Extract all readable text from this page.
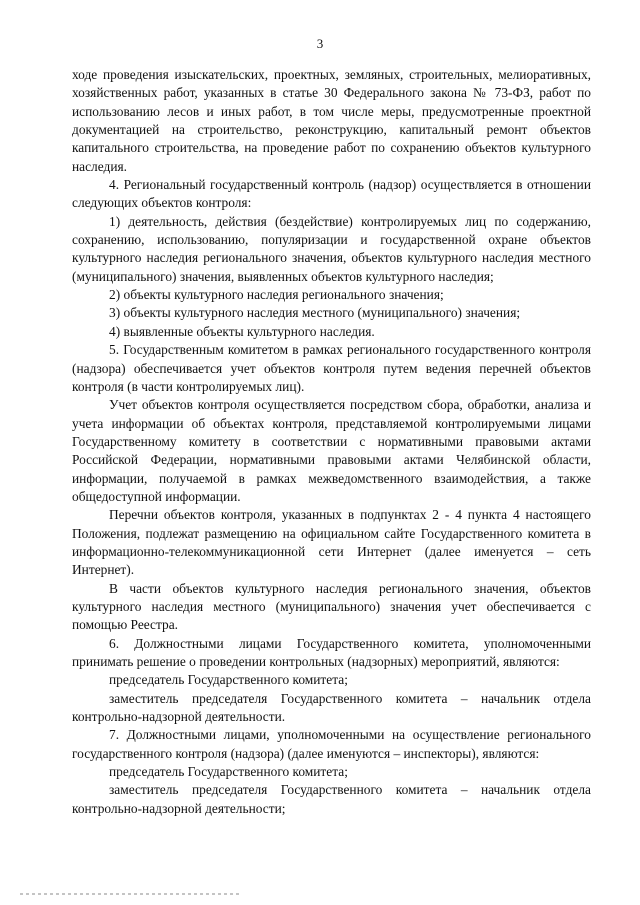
3

ходе проведения изыскательских, проектных, земляных, строительных, мелиоративных, хозяйственных работ, указанных в статье 30 Федерального закона № 73-ФЗ, работ по использованию лесов и иных работ, в том числе меры, предусмотренные проектной документацией на строительство, реконструкцию, капитальный ремонт объектов капитального строительства, на проведение работ по сохранению объектов культурного наследия.

4. Региональный государственный контроль (надзор) осуществляется в отношении следующих объектов контроля:

1) деятельность, действия (бездействие) контролируемых лиц по содержанию, сохранению, использованию, популяризации и государственной охране объектов культурного наследия регионального значения, объектов культурного наследия местного (муниципального) значения, выявленных объектов культурного наследия;

2) объекты культурного наследия регионального значения;

3) объекты культурного наследия местного (муниципального) значения;

4) выявленные объекты культурного наследия.

5. Государственным комитетом в рамках регионального государственного контроля (надзора) обеспечивается учет объектов контроля путем ведения перечней объектов контроля (в части контролируемых лиц).

Учет объектов контроля осуществляется посредством сбора, обработки, анализа и учета информации об объектах контроля, представляемой контролируемыми лицами Государственному комитету в соответствии с нормативными правовыми актами Российской Федерации, нормативными правовыми актами Челябинской области, информации, получаемой в рамках межведомственного взаимодействия, а также общедоступной информации.

Перечни объектов контроля, указанных в подпунктах 2 - 4 пункта 4 настоящего Положения, подлежат размещению на официальном сайте Государственного комитета в информационно-телекоммуникационной сети Интернет (далее именуется – сеть Интернет).

В части объектов культурного наследия регионального значения, объектов культурного наследия местного (муниципального) значения учет обеспечивается с помощью Реестра.

6. Должностными лицами Государственного комитета, уполномоченными принимать решение о проведении контрольных (надзорных) мероприятий, являются:

председатель Государственного комитета;

заместитель председателя Государственного комитета – начальник отдела контрольно-надзорной деятельности.

7. Должностными лицами, уполномоченными на осуществление регионального государственного контроля (надзора) (далее именуются – инспекторы), являются:

председатель Государственного комитета;

заместитель председателя Государственного комитета – начальник отдела контрольно-надзорной деятельности;
